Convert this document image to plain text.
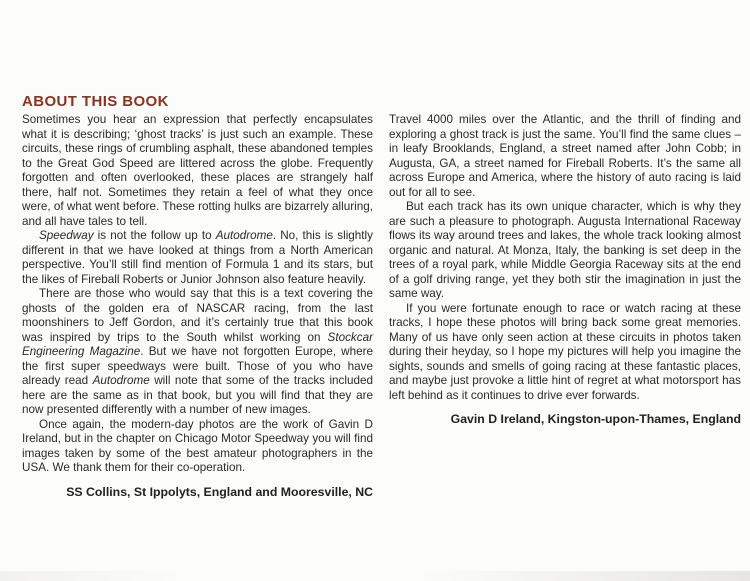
ABOUT THIS BOOK

Sometimes you hear an expression that perfectly encapsulates what it is describing; ‘ghost tracks’ is just such an example. These circuits, these rings of crumbling asphalt, these abandoned temples to the Great God Speed are littered across the globe. Frequently forgotten and often overlooked, these places are strangely half there, half not. Sometimes they retain a feel of what they once were, of what went before. These rotting hulks are bizarrely alluring, and all have tales to tell.

Speedway is not the follow up to Autodrome. No, this is slightly different in that we have looked at things from a North American perspective. You’ll still find mention of Formula 1 and its stars, but the likes of Fireball Roberts or Junior Johnson also feature heavily.

There are those who would say that this is a text covering the ghosts of the golden era of NASCAR racing, from the last moonshiners to Jeff Gordon, and it’s certainly true that this book was inspired by trips to the South whilst working on Stockcar Engineering Magazine. But we have not forgotten Europe, where the first super speedways were built. Those of you who have already read Autodrome will note that some of the tracks included here are the same as in that book, but you will find that they are now presented differently with a number of new images.

Once again, the modern-day photos are the work of Gavin D Ireland, but in the chapter on Chicago Motor Speedway you will find images taken by some of the best amateur photographers in the USA. We thank them for their co-operation.

SS Collins, St Ippolyts, England and Mooresville, NC

Travel 4000 miles over the Atlantic, and the thrill of finding and exploring a ghost track is just the same. You’ll find the same clues – in leafy Brooklands, England, a street named after John Cobb; in Augusta, GA, a street named for Fireball Roberts. It’s the same all across Europe and America, where the history of auto racing is laid out for all to see.

But each track has its own unique character, which is why they are such a pleasure to photograph. Augusta International Raceway flows its way around trees and lakes, the whole track looking almost organic and natural. At Monza, Italy, the banking is set deep in the trees of a royal park, while Middle Georgia Raceway sits at the end of a golf driving range, yet they both stir the imagination in just the same way.

If you were fortunate enough to race or watch racing at these tracks, I hope these photos will bring back some great memories. Many of us have only seen action at these circuits in photos taken during their heyday, so I hope my pictures will help you imagine the sights, sounds and smells of going racing at these fantastic places, and maybe just provoke a little hint of regret at what motorsport has left behind as it continues to drive ever forwards.

Gavin D Ireland, Kingston-upon-Thames, England
